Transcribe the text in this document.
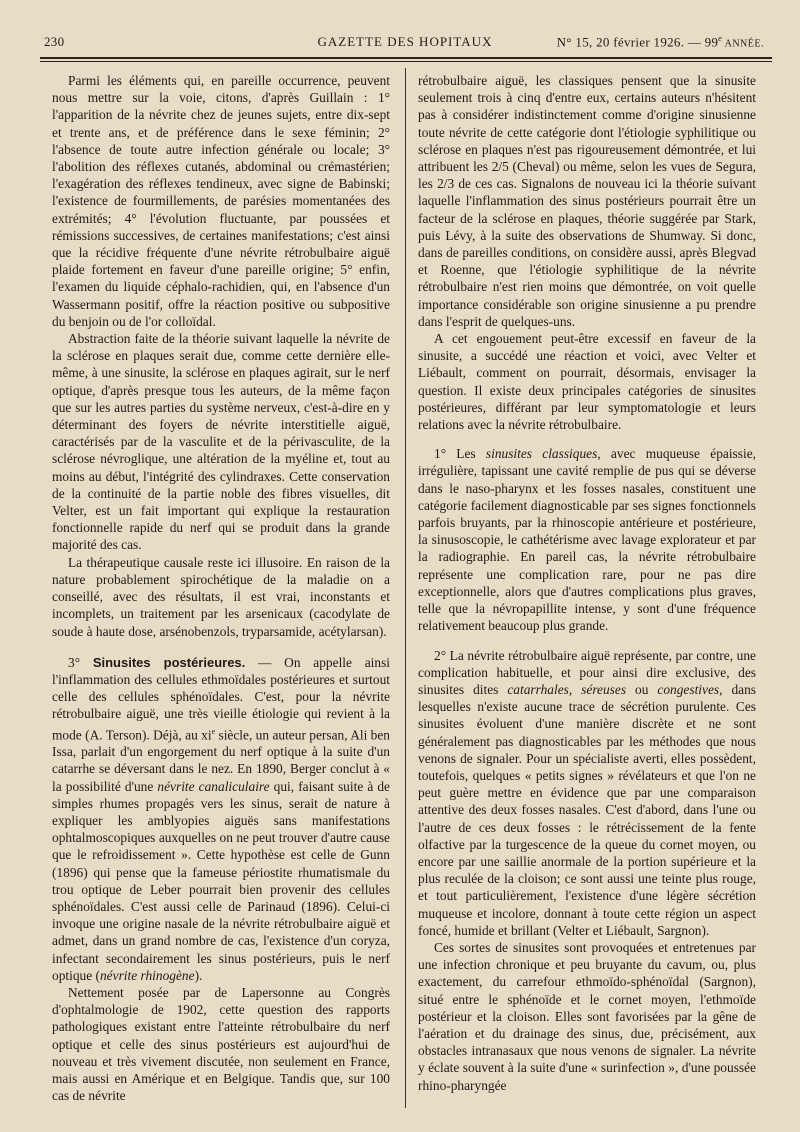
230	GAZETTE DES HOPITAUX	N° 15, 20 février 1926. — 99e ANNÉE.

Parmi les éléments qui, en pareille occurrence, peuvent nous mettre sur la voie, citons, d'après Guillain : 1° l'apparition de la névrite chez de jeunes sujets, entre dix-sept et trente ans, et de préférence dans le sexe féminin; 2° l'absence de toute autre infection générale ou locale; 3° l'abolition des réflexes cutanés, abdominal ou crémastérien; l'exagération des réflexes tendineux, avec signe de Babinski; l'existence de fourmillements, de parésies momentanées des extrémités; 4° l'évolution fluctuante, par poussées et rémissions successives, de certaines manifestations; c'est ainsi que la récidive fréquente d'une névrite rétrobulbaire aiguë plaide fortement en faveur d'une pareille origine; 5° enfin, l'examen du liquide céphalo-rachidien, qui, en l'absence d'un Wassermann positif, offre la réaction positive ou subpositive du benjoin ou de l'or colloïdal.

Abstraction faite de la théorie suivant laquelle la névrite de la sclérose en plaques serait due, comme cette dernière elle-même, à une sinusite, la sclérose en plaques agirait, sur le nerf optique, d'après presque tous les auteurs, de la même façon que sur les autres parties du système nerveux, c'est-à-dire en y déterminant des foyers de névrite interstitielle aiguë, caractérisés par de la vasculite et de la périvasculite, de la sclérose névroglique, une altération de la myéline et, tout au moins au début, l'intégrité des cylindraxes. Cette conservation de la continuité de la partie noble des fibres visuelles, dit Velter, est un fait important qui explique la restauration fonctionnelle rapide du nerf qui se produit dans la grande majorité des cas.

La thérapeutique causale reste ici illusoire. En raison de la nature probablement spirochétique de la maladie on a conseillé, avec des résultats, il est vrai, inconstants et incomplets, un traitement par les arsenicaux (cacodylate de soude à haute dose, arsénobenzols, tryparsamide, acétylarsan).

3° Sinusites postérieures. — On appelle ainsi l'inflammation des cellules ethmoïdales postérieures et surtout celle des cellules sphénoïdales. C'est, pour la névrite rétrobulbaire aiguë, une très vieille étiologie qui revient à la mode (A. Terson). Déjà, au $xi^e$ siècle, un auteur persan, Ali ben Issa, parlait d'un engorgement du nerf optique à la suite d'un catarrhe se déversant dans le nez. En 1890, Berger conclut à « la possibilité d'une névrite canaliculaire qui, faisant suite à de simples rhumes propagés vers les sinus, serait de nature à expliquer les amblyopies aiguës sans manifestations ophtalmoscopiques auxquelles on ne peut trouver d'autre cause que le refroidissement ». Cette hypothèse est celle de Gunn (1896) qui pense que la fameuse périostite rhumatismale du trou optique de Leber pourrait bien provenir des cellules sphénoïdales. C'est aussi celle de Parinaud (1896). Celui-ci invoque une origine nasale de la névrite rétrobulbaire aiguë et admet, dans un grand nombre de cas, l'existence d'un coryza, infectant secondairement les sinus postérieurs, puis le nerf optique (névrite rhinogène).

Nettement posée par de Lapersonne au Congrès d'ophtalmologie de 1902, cette question des rapports pathologiques existant entre l'atteinte rétrobulbaire du nerf optique et celle des sinus postérieurs est aujourd'hui de nouveau et très vivement discutée, non seulement en France, mais aussi en Amérique et en Belgique. Tandis que, sur 100 cas de névrite

rétrobulbaire aiguë, les classiques pensent que la sinusite seulement trois à cinq d'entre eux, certains auteurs n'hésitent pas à considérer indistinctement comme d'origine sinusienne toute névrite de cette catégorie dont l'étiologie syphilitique ou sclérose en plaques n'est pas rigoureusement démontrée, et lui attribuent les 2/5 (Cheval) ou même, selon les vues de Segura, les 2/3 de ces cas. Signalons de nouveau ici la théorie suivant laquelle l'inflammation des sinus postérieurs pourrait être un facteur de la sclérose en plaques, théorie suggérée par Stark, puis Lévy, à la suite des observations de Shumway. Si donc, dans de pareilles conditions, on considère aussi, après Blegvad et Roenne, que l'étiologie syphilitique de la névrite rétrobulbaire n'est rien moins que démontrée, on voit quelle importance considérable son origine sinusienne a pu prendre dans l'esprit de quelques-uns.

A cet engouement peut-être excessif en faveur de la sinusite, a succédé une réaction et voici, avec Velter et Liébault, comment on pourrait, désormais, envisager la question. Il existe deux principales catégories de sinusites postérieures, différant par leur symptomatologie et leurs relations avec la névrite rétrobulbaire.

1° Les sinusites classiques, avec muqueuse épaissie, irrégulière, tapissant une cavité remplie de pus qui se déverse dans le naso-pharynx et les fosses nasales, constituent une catégorie facilement diagnosticable par ses signes fonctionnels parfois bruyants, par la rhinoscopie antérieure et postérieure, la sinusoscopie, le cathétérisme avec lavage explorateur et par la radiographie. En pareil cas, la névrite rétrobulbaire représente une complication rare, pour ne pas dire exceptionnelle, alors que d'autres complications plus graves, telle que la névropapillite intense, y sont d'une fréquence relativement beaucoup plus grande.

2° La névrite rétrobulbaire aiguë représente, par contre, une complication habituelle, et pour ainsi dire exclusive, des sinusites dites catarrhales, séreuses ou congestives, dans lesquelles n'existe aucune trace de sécrétion purulente. Ces sinusites évoluent d'une manière discrète et ne sont généralement pas diagnosticables par les méthodes que nous venons de signaler. Pour un spécialiste averti, elles possèdent, toutefois, quelques « petits signes » révélateurs et que l'on ne peut guère mettre en évidence que par une comparaison attentive des deux fosses nasales. C'est d'abord, dans l'une ou l'autre de ces deux fosses : le rétrécissement de la fente olfactive par la turgescence de la queue du cornet moyen, ou encore par une saillie anormale de la portion supérieure et la plus reculée de la cloison; ce sont aussi une teinte plus rouge, et tout particulièrement, l'existence d'une légère sécrétion muqueuse et incolore, donnant à toute cette région un aspect foncé, humide et brillant (Velter et Liébault, Sargnon).

Ces sortes de sinusites sont provoquées et entretenues par une infection chronique et peu bruyante du cavum, ou, plus exactement, du carrefour ethmoïdo-sphénoïdal (Sargnon), situé entre le sphénoïde et le cornet moyen, l'ethmoïde postérieur et la cloison. Elles sont favorisées par la gêne de l'aération et du drainage des sinus, due, précisément, aux obstacles intranasaux que nous venons de signaler. La névrite y éclate souvent à la suite d'une « surinfection », d'une poussée rhino-pharyngée
